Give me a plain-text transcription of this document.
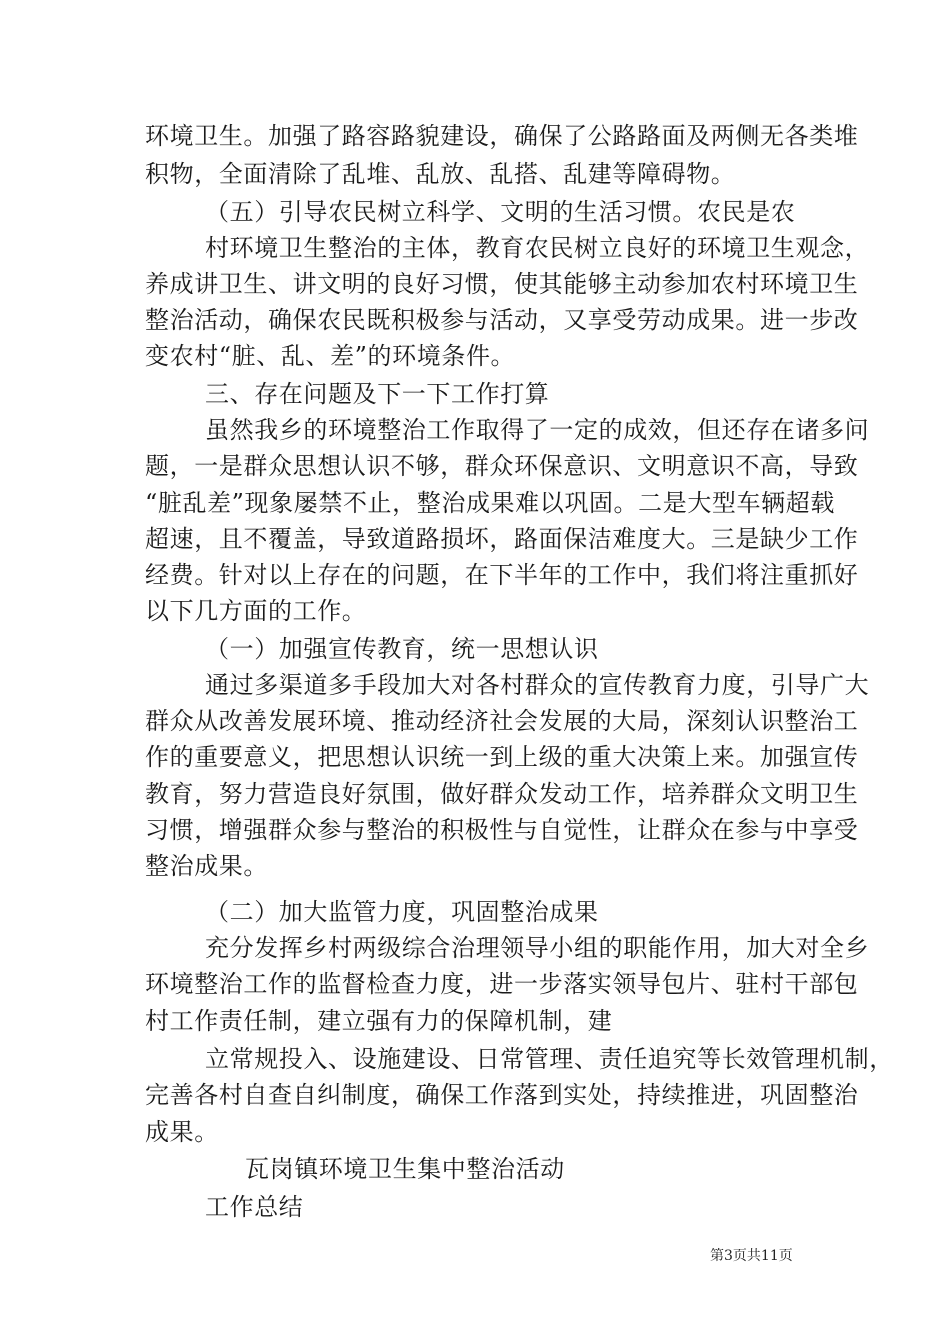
环境卫生。加强了路容路貌建设，确保了公路路面及两侧无各类堆
积物，全面清除了乱堆、乱放、乱搭、乱建等障碍物。
（五）引导农民树立科学、文明的生活习惯。农民是农
村环境卫生整治的主体，教育农民树立良好的环境卫生观念，
养成讲卫生、讲文明的良好习惯，使其能够主动参加农村环境卫生
整治活动，确保农民既积极参与活动，又享受劳动成果。进一步改
变农村“脏、乱、差”的环境条件。
三、存在问题及下一下工作打算
虽然我乡的环境整治工作取得了一定的成效，但还存在诸多问
题，一是群众思想认识不够，群众环保意识、文明意识不高，导致
“脏乱差”现象屡禁不止，整治成果难以巩固。二是大型车辆超载
超速，且不覆盖，导致道路损坏，路面保洁难度大。三是缺少工作
经费。针对以上存在的问题，在下半年的工作中，我们将注重抓好
以下几方面的工作。
（一）加强宣传教育，统一思想认识
通过多渠道多手段加大对各村群众的宣传教育力度，引导广大
群众从改善发展环境、推动经济社会发展的大局，深刻认识整治工
作的重要意义，把思想认识统一到上级的重大决策上来。加强宣传
教育，努力营造良好氛围，做好群众发动工作，培养群众文明卫生
习惯，增强群众参与整治的积极性与自觉性，让群众在参与中享受
整治成果。
（二）加大监管力度，巩固整治成果
充分发挥乡村两级综合治理领导小组的职能作用，加大对全乡
环境整治工作的监督检查力度，进一步落实领导包片、驻村干部包
村工作责任制，建立强有力的保障机制，建
立常规投入、设施建设、日常管理、责任追究等长效管理机制，
完善各村自查自纠制度，确保工作落到实处，持续推进，巩固整治
成果。
瓦岗镇环境卫生集中整治活动
工作总结
第3页共11页
